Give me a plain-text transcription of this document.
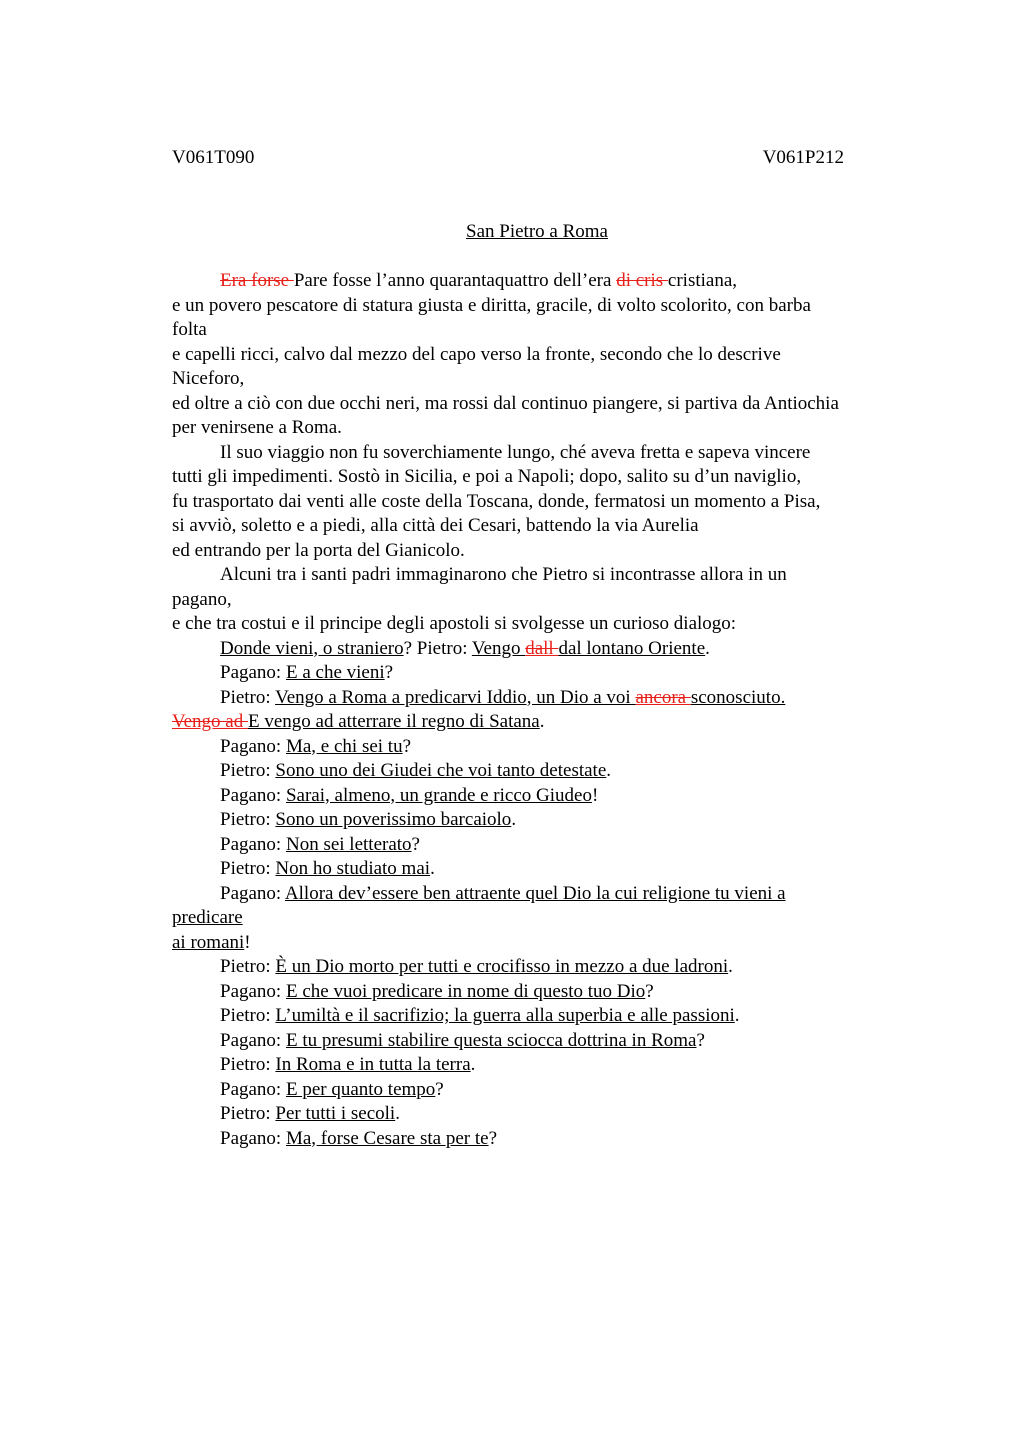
V061T090	V061P212
San Pietro a Roma
Era forse Pare fosse l’anno quarantaquattro dell’era di cris cristiana,
e un povero pescatore di statura giusta e diritta, gracile, di volto scolorito, con barba
folta
e capelli ricci, calvo dal mezzo del capo verso la fronte, secondo che lo descrive
Niceforo,
ed oltre a ciò con due occhi neri, ma rossi dal continuo piangere, si partiva da Antiochia
per venirsene a Roma.
Il suo viaggio non fu soverchiamente lungo, ché aveva fretta e sapeva vincere
tutti gli impedimenti. Sostò in Sicilia, e poi a Napoli; dopo, salito su d’un naviglio,
fu trasportato dai venti alle coste della Toscana, donde, fermatosi un momento a Pisa,
si avviò, soletto e a piedi, alla città dei Cesari, battendo la via Aurelia
ed entrando per la porta del Gianicolo.
Alcuni tra i santi padri immaginarono che Pietro si incontrasse allora in un
pagano,
e che tra costui e il principe degli apostoli si svolgesse un curioso dialogo:
Donde vieni, o straniero? Pietro: Vengo dall dal lontano Oriente.
Pagano: E a che vieni?
Pietro: Vengo a Roma a predicarvi Iddio, un Dio a voi ancora sconosciuto.
Vengo ad E vengo ad atterrare il regno di Satana.
Pagano: Ma, e chi sei tu?
Pietro: Sono uno dei Giudei che voi tanto detestate.
Pagano: Sarai, almeno, un grande e ricco Giudeo!
Pietro: Sono un poverissimo barcaiolo.
Pagano: Non sei letterato?
Pietro: Non ho studiato mai.
Pagano: Allora dev’essere ben attraente quel Dio la cui religione tu vieni a
predicare
ai romani!
Pietro: È un Dio morto per tutti e crocifisso in mezzo a due ladroni.
Pagano: E che vuoi predicare in nome di questo tuo Dio?
Pietro: L’umiltà e il sacrifizio; la guerra alla superbia e alle passioni.
Pagano: E tu presumi stabilire questa sciocca dottrina in Roma?
Pietro: In Roma e in tutta la terra.
Pagano: E per quanto tempo?
Pietro: Per tutti i secoli.
Pagano: Ma, forse Cesare sta per te?
